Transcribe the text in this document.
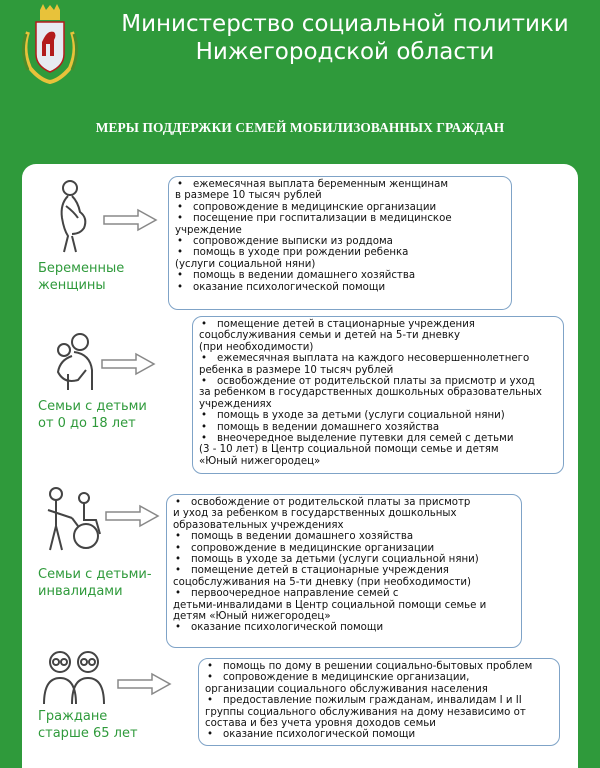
Министерство социальной политики
Нижегородской области
МЕРЫ ПОДДЕРЖКИ СЕМЕЙ МОБИЛИЗОВАННЫХ ГРАЖДАН
Беременные женщины
• ежемесячная выплата беременным женщинам
в размере 10 тысяч рублей
• сопровождение в медицинские организации
• посещение при госпитализации в медицинское
учреждение
• сопровождение выписки из роддома
• помощь в уходе при рождении ребенка
(услуги социальной няни)
• помощь в ведении домашнего хозяйства
• оказание психологической помощи
Семьи с детьми от 0 до 18 лет
• помещение детей в стационарные учреждения
соцобслуживания семьи и детей на 5-ти дневку
(при необходимости)
• ежемесячная выплата на каждого несовершеннолетнего
ребенка в размере 10 тысяч рублей
• освобождение от родительской платы за присмотр и уход
за ребенком в государственных дошкольных образовательных
учреждениях
• помощь в уходе за детьми (услуги социальной няни)
• помощь в ведении домашнего хозяйства
• внеочередное выделение путевки для семей с детьми
(3 - 10 лет) в Центр социальной помощи семье и детям
«Юный нижегородец»
Семьи с детьми-инвалидами
• освобождение от родительской платы за присмотр
и уход за ребенком в государственных дошкольных
образовательных учреждениях
• помощь в ведении домашнего хозяйства
• сопровождение в медицинские организации
• помощь в уходе за детьми (услуги социальной няни)
• помещение детей в стационарные учреждения
соцобслуживания на 5-ти дневку (при необходимости)
• первоочередное направление семей с
детьми-инвалидами в Центр социальной помощи семье и
детям «Юный нижегородец»
• оказание психологической помощи
Граждане старше 65 лет
• помощь по дому в решении социально-бытовых проблем
• сопровождение в медицинские организации,
организации социального обслуживания населения
• предоставление пожилым гражданам, инвалидам I и II
группы социального обслуживания на дому независимо от
состава и без учета уровня доходов семьи
• оказание психологической помощи
